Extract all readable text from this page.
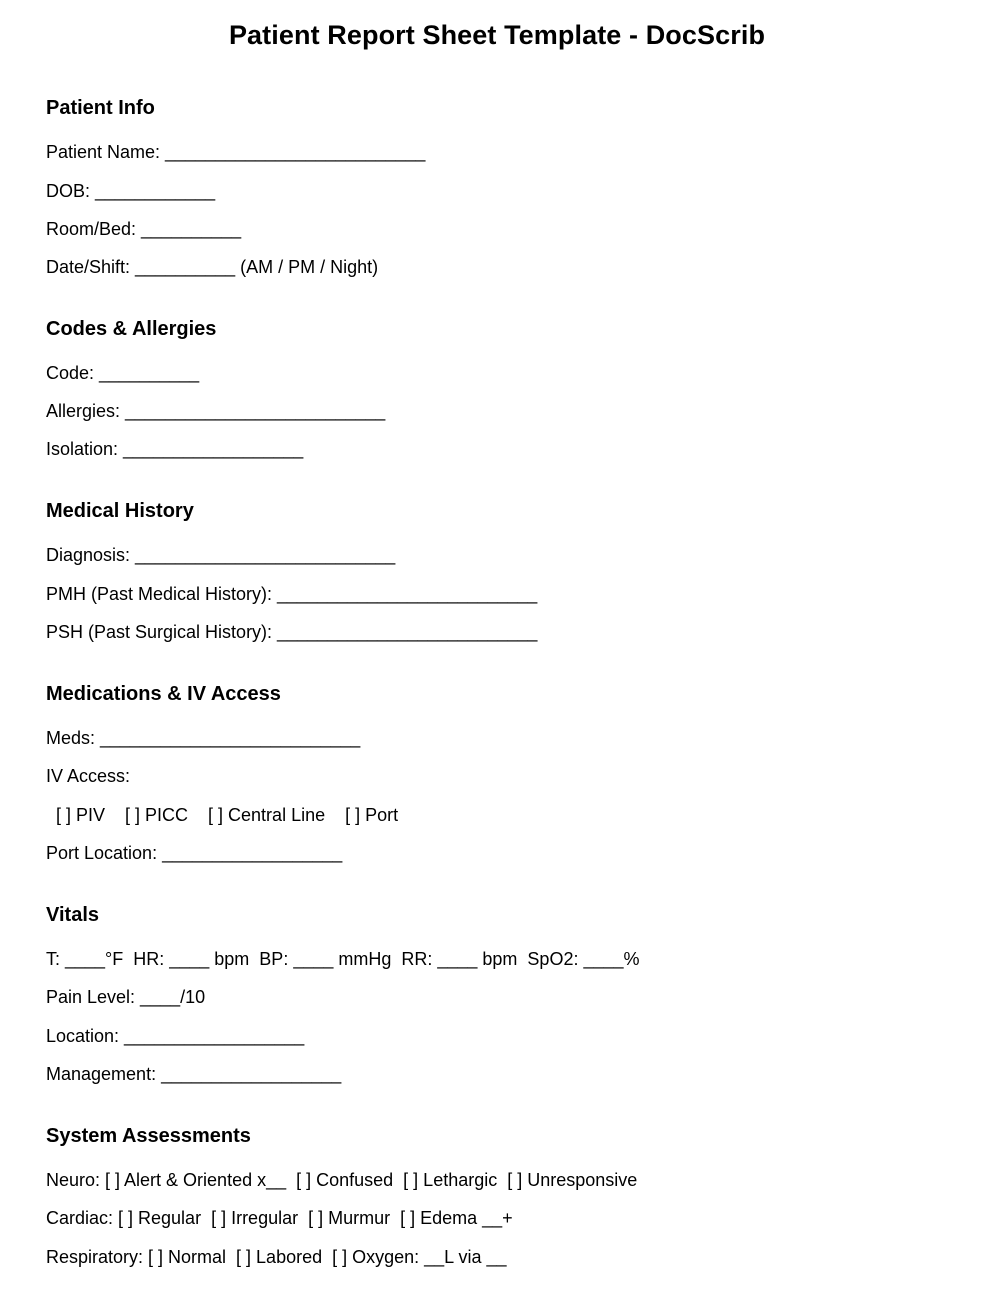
Patient Report Sheet Template - DocScrib
Patient Info
Patient Name: __________________________
DOB: ____________
Room/Bed: __________
Date/Shift: __________ (AM / PM / Night)
Codes & Allergies
Code: __________
Allergies: __________________________
Isolation: __________________
Medical History
Diagnosis: __________________________
PMH (Past Medical History): __________________________
PSH (Past Surgical History): __________________________
Medications & IV Access
Meds: __________________________
IV Access:
[ ] PIV    [ ] PICC    [ ] Central Line    [ ] Port
Port Location: __________________
Vitals
T: ____°F  HR: ____ bpm  BP: ____ mmHg  RR: ____ bpm  SpO2: ____%
Pain Level: ____/10
Location: __________________
Management: __________________
System Assessments
Neuro: [ ] Alert & Oriented x__  [ ] Confused  [ ] Lethargic  [ ] Unresponsive
Cardiac: [ ] Regular  [ ] Irregular  [ ] Murmur  [ ] Edema __+
Respiratory: [ ] Normal  [ ] Labored  [ ] Oxygen: __L via __
